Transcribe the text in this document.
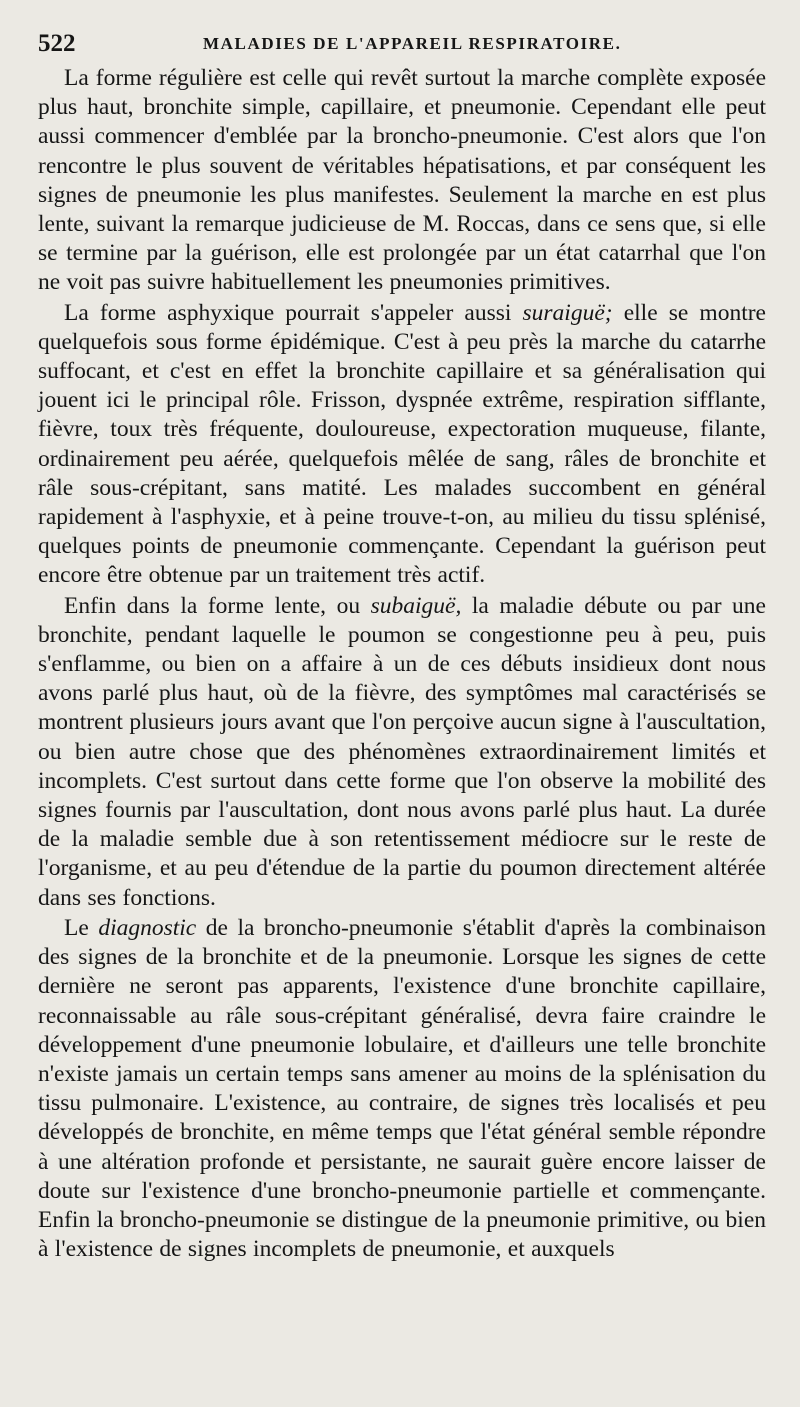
522	MALADIES DE L'APPAREIL RESPIRATOIRE.

La forme régulière est celle qui revêt surtout la marche complète exposée plus haut, bronchite simple, capillaire, et pneumonie. Cependant elle peut aussi commencer d'emblée par la broncho-pneumonie. C'est alors que l'on rencontre le plus souvent de véritables hépatisations, et par conséquent les signes de pneumonie les plus manifestes. Seulement la marche en est plus lente, suivant la remarque judicieuse de M. Roccas, dans ce sens que, si elle se termine par la guérison, elle est prolongée par un état catarrhal que l'on ne voit pas suivre habituellement les pneumonies primitives.

La forme asphyxique pourrait s'appeler aussi suraiguë; elle se montre quelquefois sous forme épidémique. C'est à peu près la marche du catarrhe suffocant, et c'est en effet la bronchite capillaire et sa généralisation qui jouent ici le principal rôle. Frisson, dyspnée extrême, respiration sifflante, fièvre, toux très fréquente, douloureuse, expectoration muqueuse, filante, ordinairement peu aérée, quelquefois mêlée de sang, râles de bronchite et râle sous-crépitant, sans matité. Les malades succombent en général rapidement à l'asphyxie, et à peine trouve-t-on, au milieu du tissu splénisé, quelques points de pneumonie commençante. Cependant la guérison peut encore être obtenue par un traitement très actif.

Enfin dans la forme lente, ou subaiguë, la maladie débute ou par une bronchite, pendant laquelle le poumon se congestionne peu à peu, puis s'enflamme, ou bien on a affaire à un de ces débuts insidieux dont nous avons parlé plus haut, où de la fièvre, des symptômes mal caractérisés se montrent plusieurs jours avant que l'on perçoive aucun signe à l'auscultation, ou bien autre chose que des phénomènes extraordinairement limités et incomplets. C'est surtout dans cette forme que l'on observe la mobilité des signes fournis par l'auscultation, dont nous avons parlé plus haut. La durée de la maladie semble due à son retentissement médiocre sur le reste de l'organisme, et au peu d'étendue de la partie du poumon directement altérée dans ses fonctions.

Le diagnostic de la broncho-pneumonie s'établit d'après la combinaison des signes de la bronchite et de la pneumonie. Lorsque les signes de cette dernière ne seront pas apparents, l'existence d'une bronchite capillaire, reconnaissable au râle sous-crépitant généralisé, devra faire craindre le développement d'une pneumonie lobulaire, et d'ailleurs une telle bronchite n'existe jamais un certain temps sans amener au moins de la splénisation du tissu pulmonaire. L'existence, au contraire, de signes très localisés et peu développés de bronchite, en même temps que l'état général semble répondre à une altération profonde et persistante, ne saurait guère encore laisser de doute sur l'existence d'une broncho-pneumonie partielle et commençante. Enfin la broncho-pneumonie se distingue de la pneumonie primitive, ou bien à l'existence de signes incomplets de pneumonie, et auxquels
